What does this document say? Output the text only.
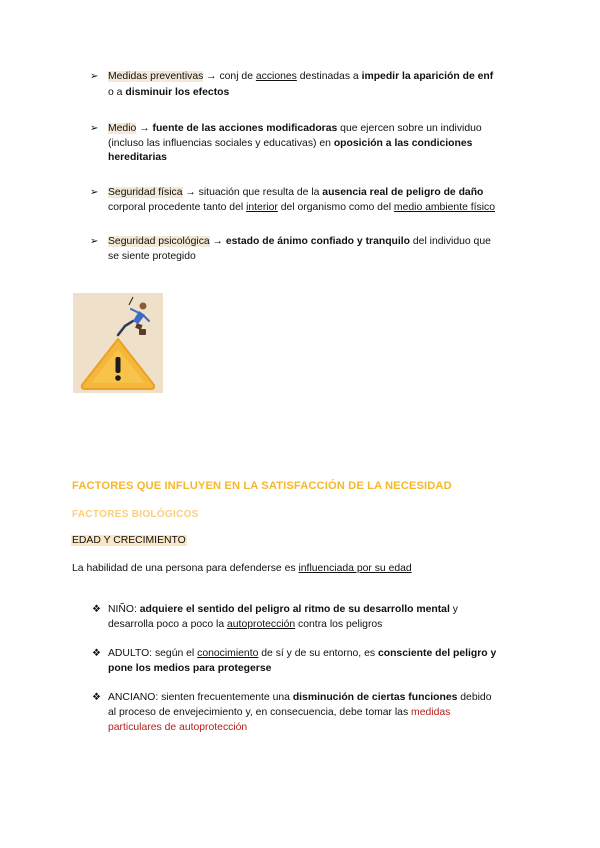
➢ Medidas preventivas → conj de acciones destinadas a impedir la aparición de enf
o a disminuir los efectos
➢ Medio → fuente de las acciones modificadoras que ejercen sobre un individuo
(incluso las influencias sociales y educativas) en oposición a las condiciones
hereditarias
➢ Seguridad física → situación que resulta de la ausencia real de peligro de daño
corporal procedente tanto del interior del organismo como del medio ambiente físico
➢ Seguridad psicológica → estado de ánimo confiado y tranquilo del individuo que
se siente protegido
FACTORES QUE INFLUYEN EN LA SATISFACCIÓN DE LA NECESIDAD
FACTORES BIOLÓGICOS
EDAD Y CRECIMIENTO
La habilidad de una persona para defenderse es influenciada por su edad
❖ NIÑO: adquiere el sentido del peligro al ritmo de su desarrollo mental y
desarrolla poco a poco la autoprotección contra los peligros
❖ ADULTO: según el conocimiento de sí y de su entorno, es consciente del peligro y
pone los medios para protegerse
❖ ANCIANO: sienten frecuentemente una disminución de ciertas funciones debido
al proceso de envejecimiento y, en consecuencia, debe tomar las medidas
particulares de autoprotección
